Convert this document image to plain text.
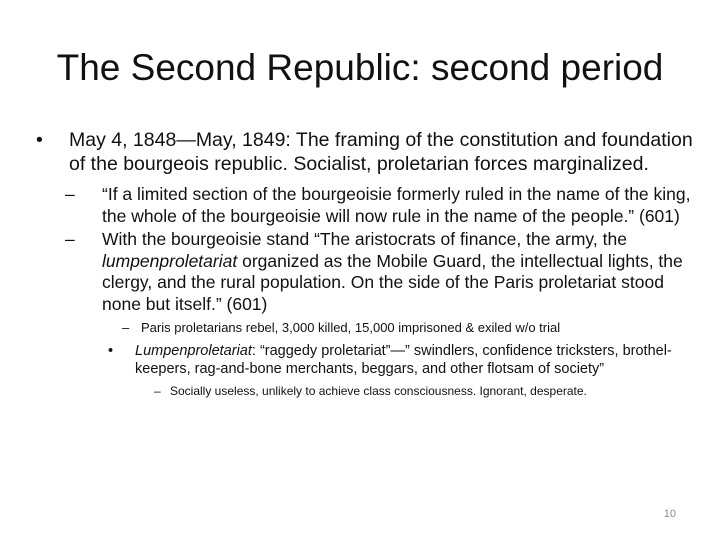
The Second Republic: second period
• May 4, 1848—May, 1849: The framing of the constitution and foundation of the bourgeois republic. Socialist, proletarian forces marginalized.
– “If a limited section of the bourgeoisie formerly ruled in the name of the king, the whole of the bourgeoisie will now rule in the name of the people.” (601)
– With the bourgeoisie stand “The aristocrats of finance, the army, the lumpenproletariat organized as the Mobile Guard, the intellectual lights, the clergy, and the rural population. On the side of the Paris proletariat stood none but itself.” (601)
– Paris proletarians rebel, 3,000 killed, 15,000 imprisoned & exiled w/o trial
• Lumpenproletariat: “raggedy proletariat”—” swindlers, confidence tricksters, brothel-keepers, rag-and-bone merchants, beggars, and other flotsam of society”
– Socially useless, unlikely to achieve class consciousness. Ignorant, desperate.
10
